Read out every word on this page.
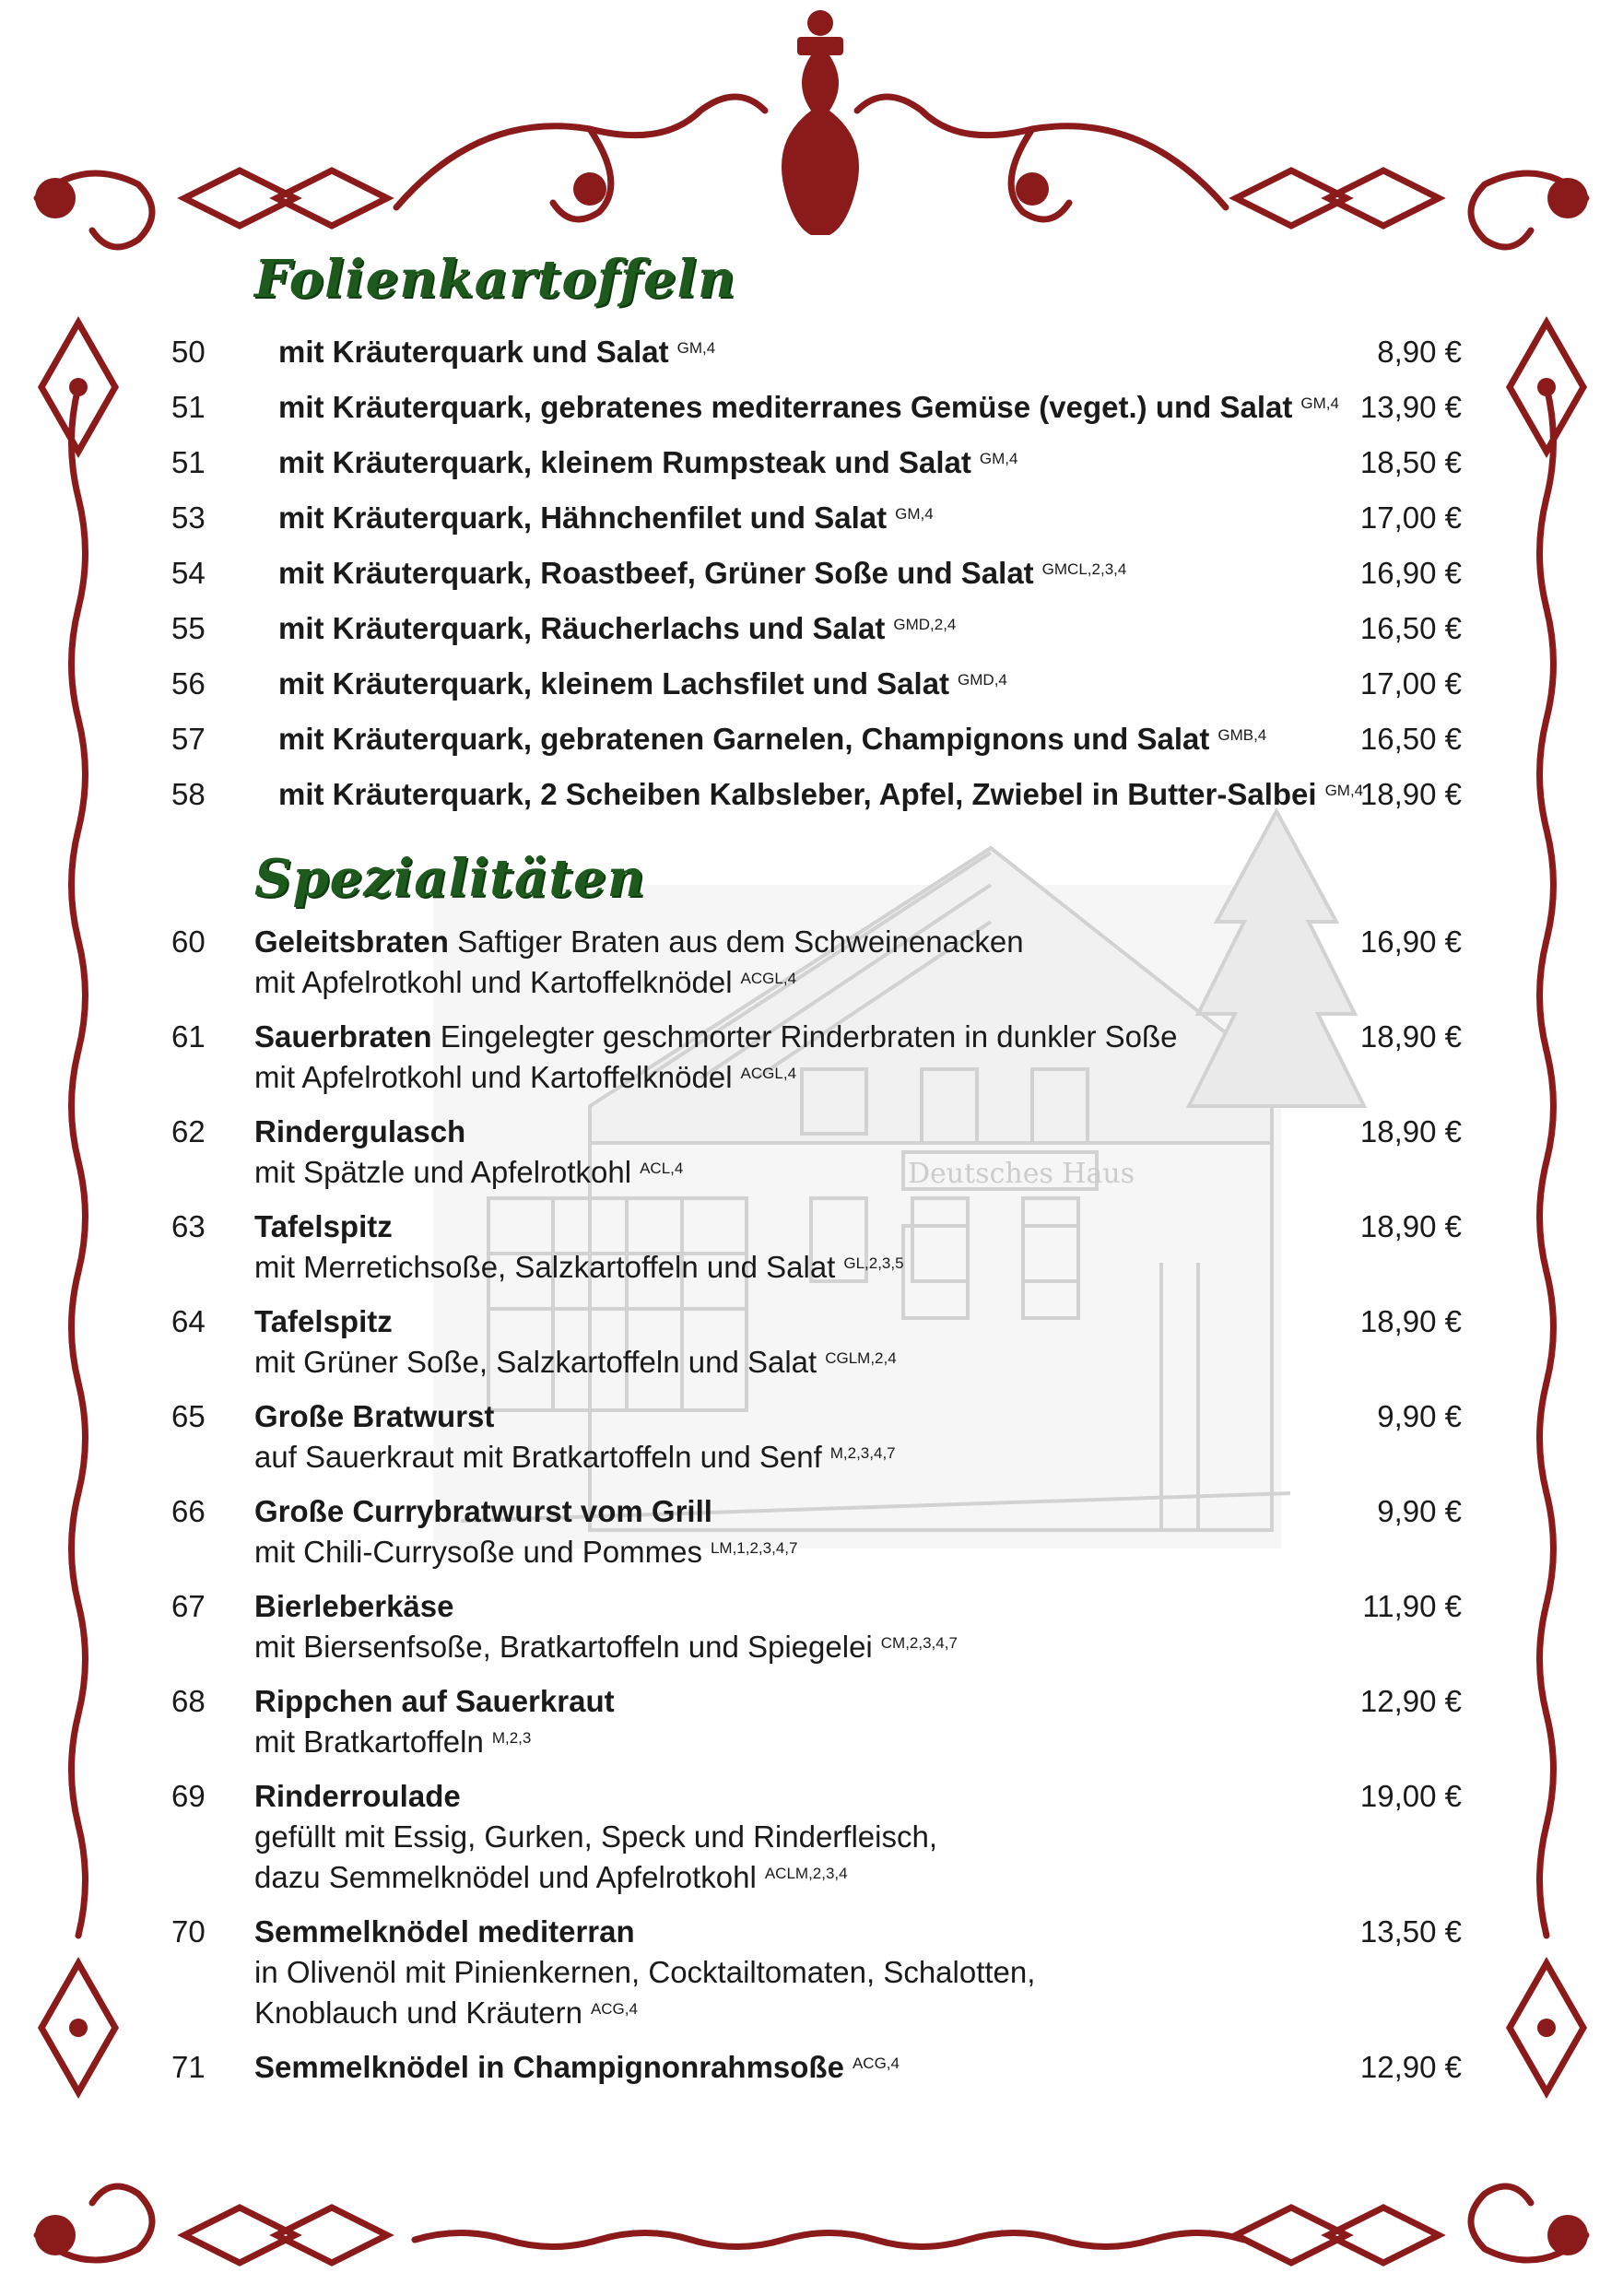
Deutsches Haus
Folienkartoffeln
50	mit Kräuterquark und Salat $^{GM,4}$	8,90 €
51	mit Kräuterquark, gebratenes mediterranes Gemüse (veget.) und Salat $^{GM,4}$ 13,90 €
51	mit Kräuterquark, kleinem Rumpsteak und Salat $^{GM,4}$	18,50 €
53	mit Kräuterquark, Hähnchenfilet und Salat $^{GM,4}$	17,00 €
54	mit Kräuterquark, Roastbeef, Grüner Soße und Salat $^{GMCL,2,3,4}$	16,90 €
55	mit Kräuterquark, Räucherlachs und Salat $^{GMD,2,4}$	16,50 €
56	mit Kräuterquark, kleinem Lachsfilet und Salat $^{GMD,4}$	17,00 €
57	mit Kräuterquark, gebratenen Garnelen, Champignons und Salat $^{GMB,4}$	16,50 €
58	mit Kräuterquark, 2 Scheiben Kalbsleber, Apfel, Zwiebel in Butter-Salbei $^{GM,4}$
18,90 €
Spezialitäten
60	Geleitsbraten Saftiger Braten aus dem Schweinenacken
mit Apfelrotkohl und Kartoffelknödel $^{ACGL,4}$
16,90 €
61	Sauerbraten Eingelegter geschmorter Rinderbraten in dunkler Soße
mit Apfelrotkohl und Kartoffelknödel $^{ACGL,4}$
18,90 €
62	Rindergulasch
mit Spätzle und Apfelrotkohl $^{ACL,4}$
18,90 €
63	Tafelspitz
mit Merretichsoße, Salzkartoffeln und Salat $^{GL,2,3,5}$
18,90 €
64	Tafelspitz
mit Grüner Soße, Salzkartoffeln und Salat $^{CGLM,2,4}$
18,90 €
65	Große Bratwurst
auf Sauerkraut mit Bratkartoffeln und Senf $^{M,2,3,4,7}$
9,90 €
66	Große Currybratwurst vom Grill
mit Chili-Currysoße und Pommes $^{LM,1,2,3,4,7}$
9,90 €
67	Bierleberkäse
mit Biersenfsoße, Bratkartoffeln und Spiegelei $^{CM,2,3,4,7}$
11,90 €
68	Rippchen auf Sauerkraut
mit Bratkartoffeln $^{M,2,3}$
12,90 €
69	Rinderroulade
gefüllt mit Essig, Gurken, Speck und Rinderfleisch,
dazu Semmelknödel und Apfelrotkohl $^{ACLM,2,3,4}$
19,00 €
70	Semmelknödel mediterran
in Olivenöl mit Pinienkernen, Cocktailtomaten, Schalotten,
Knoblauch und Kräutern $^{ACG,4}$
13,50 €
71	Semmelknödel in Champignonrahmsoße $^{ACG,4}$	12,90 €
